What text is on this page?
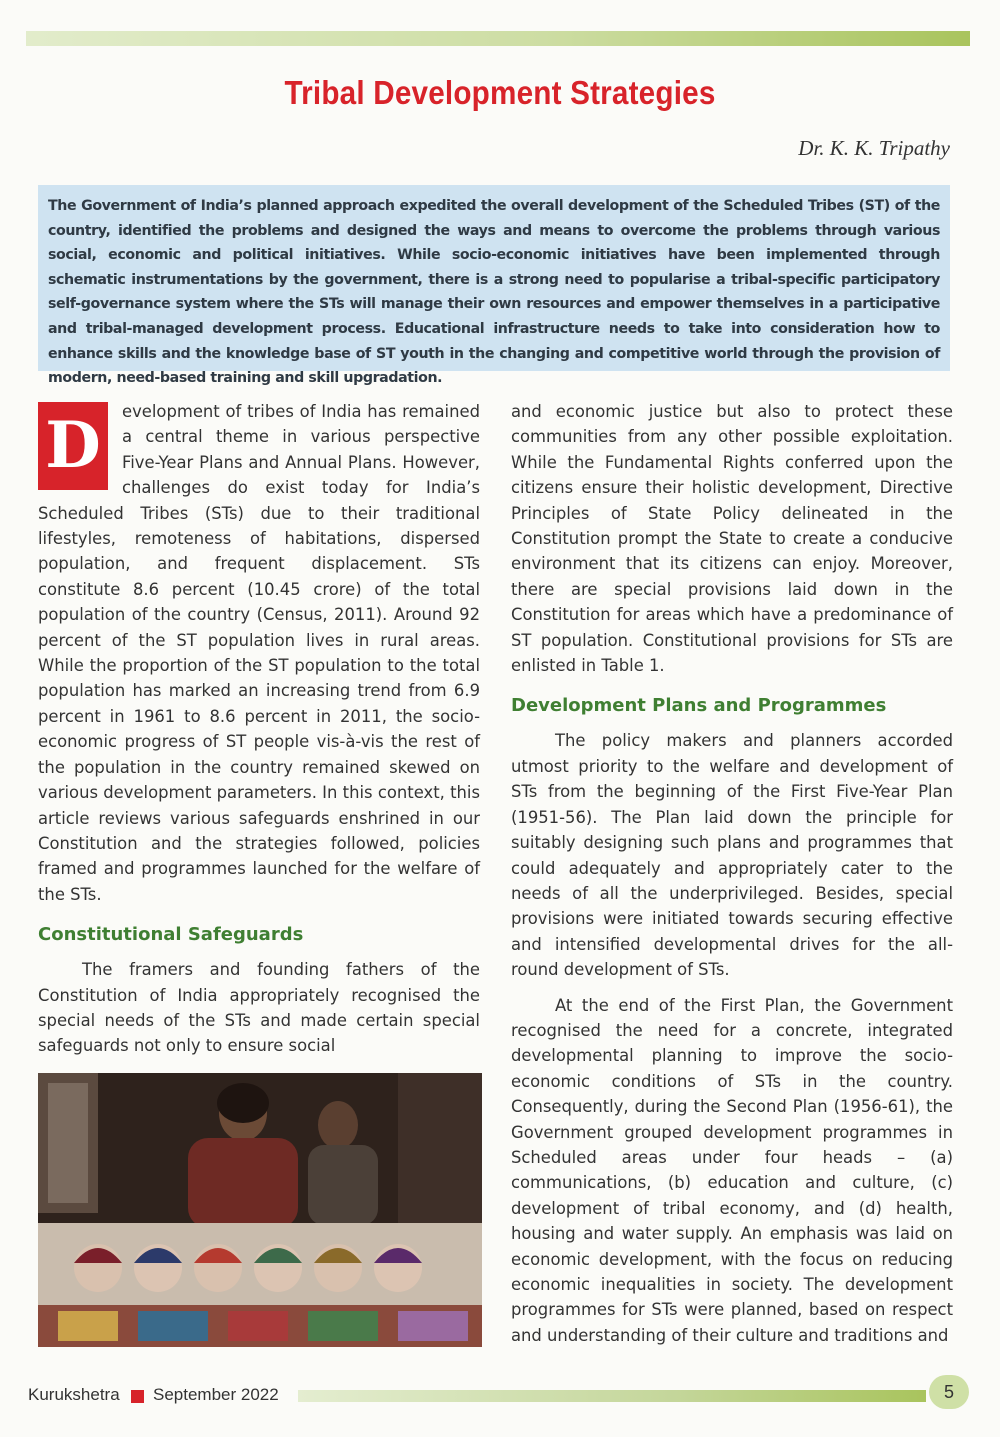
Tribal Development Strategies
Dr. K. K. Tripathy

The Government of India’s planned approach expedited the overall development of the Scheduled Tribes (ST) of the country, identified the problems and designed the ways and means to overcome the problems through various social, economic and political initiatives. While socio-economic initiatives have been implemented through schematic instrumentations by the government, there is a strong need to popularise a tribal-specific participatory self-governance system where the STs will manage their own resources and empower themselves in a participative and tribal-managed development process. Educational infrastructure needs to take into consideration how to enhance skills and the knowledge base of ST youth in the changing and competitive world through the provision of modern, need-based training and skill upgradation.

D	evelopment of tribes of India has remained a central theme in various perspective Five-Year Plans and Annual Plans. However, challenges do exist today for India’s Scheduled Tribes (STs) due to their traditional lifestyles, remoteness of habitations, dispersed population, and frequent displacement. STs constitute 8.6 percent (10.45 crore) of the total population of the country (Census, 2011). Around 92 percent of the ST population lives in rural areas. While the proportion of the ST population to the total population has marked an increasing trend from 6.9 percent in 1961 to 8.6 percent in 2011, the socio-economic progress of ST people vis-à-vis the rest of the population in the country remained skewed on various development parameters. In this context, this article reviews various safeguards enshrined in our Constitution and the strategies followed, policies framed and programmes launched for the welfare of the STs.

Constitutional Safeguards

The framers and founding fathers of the Constitution of India appropriately recognised the special needs of the STs and made certain special safeguards not only to ensure social

and economic justice but also to protect these communities from any other possible exploitation. While the Fundamental Rights conferred upon the citizens ensure their holistic development, Directive Principles of State Policy delineated in the Constitution prompt the State to create a conducive environment that its citizens can enjoy. Moreover, there are special provisions laid down in the Constitution for areas which have a predominance of ST population. Constitutional provisions for STs are enlisted in Table 1.

Development Plans and Programmes

The policy makers and planners accorded utmost priority to the welfare and development of STs from the beginning of the First Five-Year Plan (1951-56). The Plan laid down the principle for suitably designing such plans and programmes that could adequately and appropriately cater to the needs of all the underprivileged. Besides, special provisions were initiated towards securing effective and intensified developmental drives for the all-round development of STs.

At the end of the First Plan, the Government recognised the need for a concrete, integrated developmental planning to improve the socio-economic conditions of STs in the country. Consequently, during the Second Plan (1956-61), the Government grouped development programmes in Scheduled areas under four heads – (a) communications, (b) education and culture, (c) development of tribal economy, and (d) health, housing and water supply. An emphasis was laid on economic development, with the focus on reducing economic inequalities in society. The development programmes for STs were planned, based on respect and understanding of their culture and traditions and

Kurukshetra September 2022	5
